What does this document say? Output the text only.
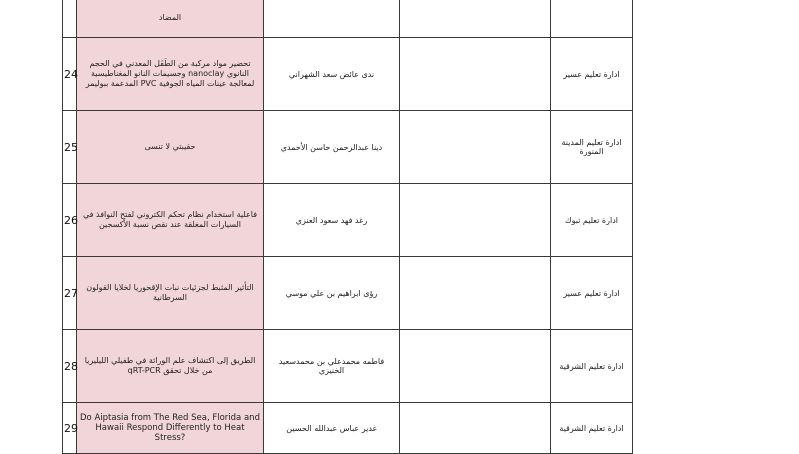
	المضاد			
24	تحضير مواد مركبة من الطَفَل المعدني في الحجم النانوي nanoclay وجسيمات النانو المغناطيسية لمعالجة عينات المياه الجوفية PVC المدعمة ببوليمر	ندى عائض سعد الشهراني		ادارة تعليم عسير
25	حقيبتي لا تنسى	دينا عبدالرحمن حاسن الأحمدي		ادارة تعليم المدينة المنورة
26	فاعلية استخدام نظام تحكم الكتروني لفتح النوافذ في السيارات المغلقة عند نقص نسبة الأكسجين	رغد فهد سعود العنزي		ادارة تعليم تبوك
27	التأثير المثبط لجزئيات نبات الإقحوريا لخلايا القولون السرطانية	رؤى ابراهيم بن علي موسي		ادارة تعليم عسير
28	الطريق إلى اكتشاف علم الوراثة في طفيلي الليليريا من خلال تحقق qRT-PCR	فاطمه محمدعلي بن محمدسعيد الخنيزي		ادارة تعليم الشرقية
29	Do Aiptasia from The Red Sea, Florida and Hawaii Respond Differently to Heat Stress?	غدير عباس عبدالله الحسين		ادارة تعليم الشرقية
